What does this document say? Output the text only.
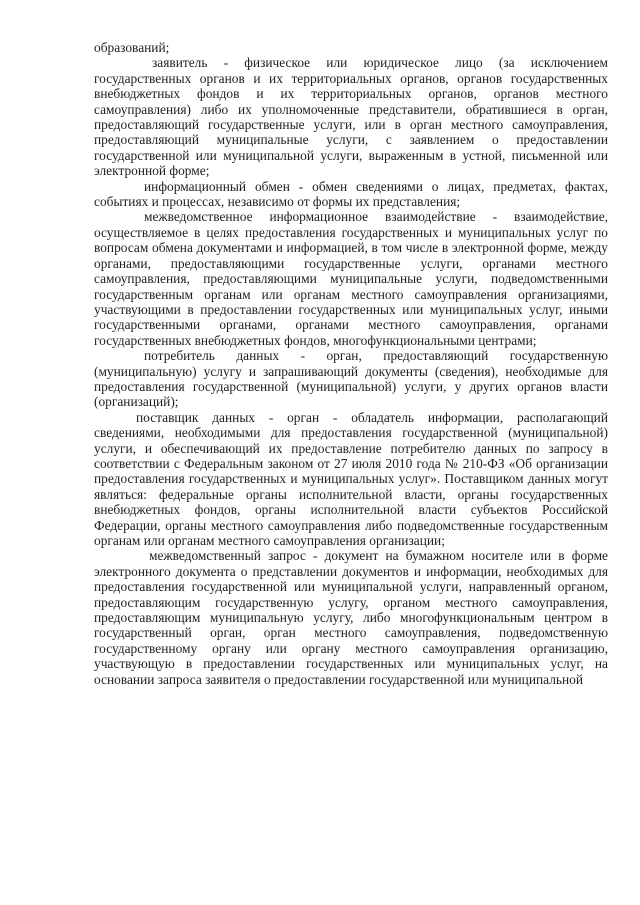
образований;

заявитель - физическое или юридическое лицо (за исключением государственных органов и их территориальных органов, органов государственных внебюджетных фондов и их территориальных органов, органов местного самоуправления) либо их уполномоченные представители, обратившиеся в орган, предоставляющий государственные услуги, или в орган местного самоуправления, предоставляющий муниципальные услуги, с заявлением о предоставлении государственной или муниципальной услуги, выраженным в устной, письменной или электронной форме;

информационный обмен - обмен сведениями о лицах, предметах, фактах, событиях и процессах, независимо от формы их представления;

межведомственное информационное взаимодействие - взаимодействие, осуществляемое в целях предоставления государственных и муниципальных услуг по вопросам обмена документами и информацией, в том числе в электронной форме, между органами, предоставляющими государственные услуги, органами местного самоуправления, предоставляющими муниципальные услуги, подведомственными государственным органам или органам местного самоуправления организациями, участвующими в предоставлении государственных или муниципальных услуг, иными государственными органами, органами местного самоуправления, органами государственных внебюджетных фондов, многофункциональными центрами;

потребитель данных - орган, предоставляющий государственную (муниципальную) услугу и запрашивающий документы (сведения), необходимые для предоставления государственной (муниципальной) услуги, у других органов власти (организаций);

поставщик данных - орган - обладатель информации, располагающий сведениями, необходимыми для предоставления государственной (муниципальной) услуги, и обеспечивающий их предоставление потребителю данных по запросу в соответствии с Федеральным законом от 27 июля 2010 года № 210-ФЗ «Об организации предоставления государственных и муниципальных услуг». Поставщиком данных могут являться: федеральные органы исполнительной власти, органы государственных внебюджетных фондов, органы исполнительной власти субъектов Российской Федерации, органы местного самоуправления либо подведомственные государственным органам или органам местного самоуправления организации;

межведомственный запрос - документ на бумажном носителе или в форме электронного документа о представлении документов и информации, необходимых для предоставления государственной или муниципальной услуги, направленный органом, предоставляющим государственную услугу, органом местного самоуправления, предоставляющим муниципальную услугу, либо многофункциональным центром в государственный орган, орган местного самоуправления, подведомственную государственному органу или органу местного самоуправления организацию, участвующую в предоставлении государственных или муниципальных услуг, на основании запроса заявителя о предоставлении государственной или муниципальной
